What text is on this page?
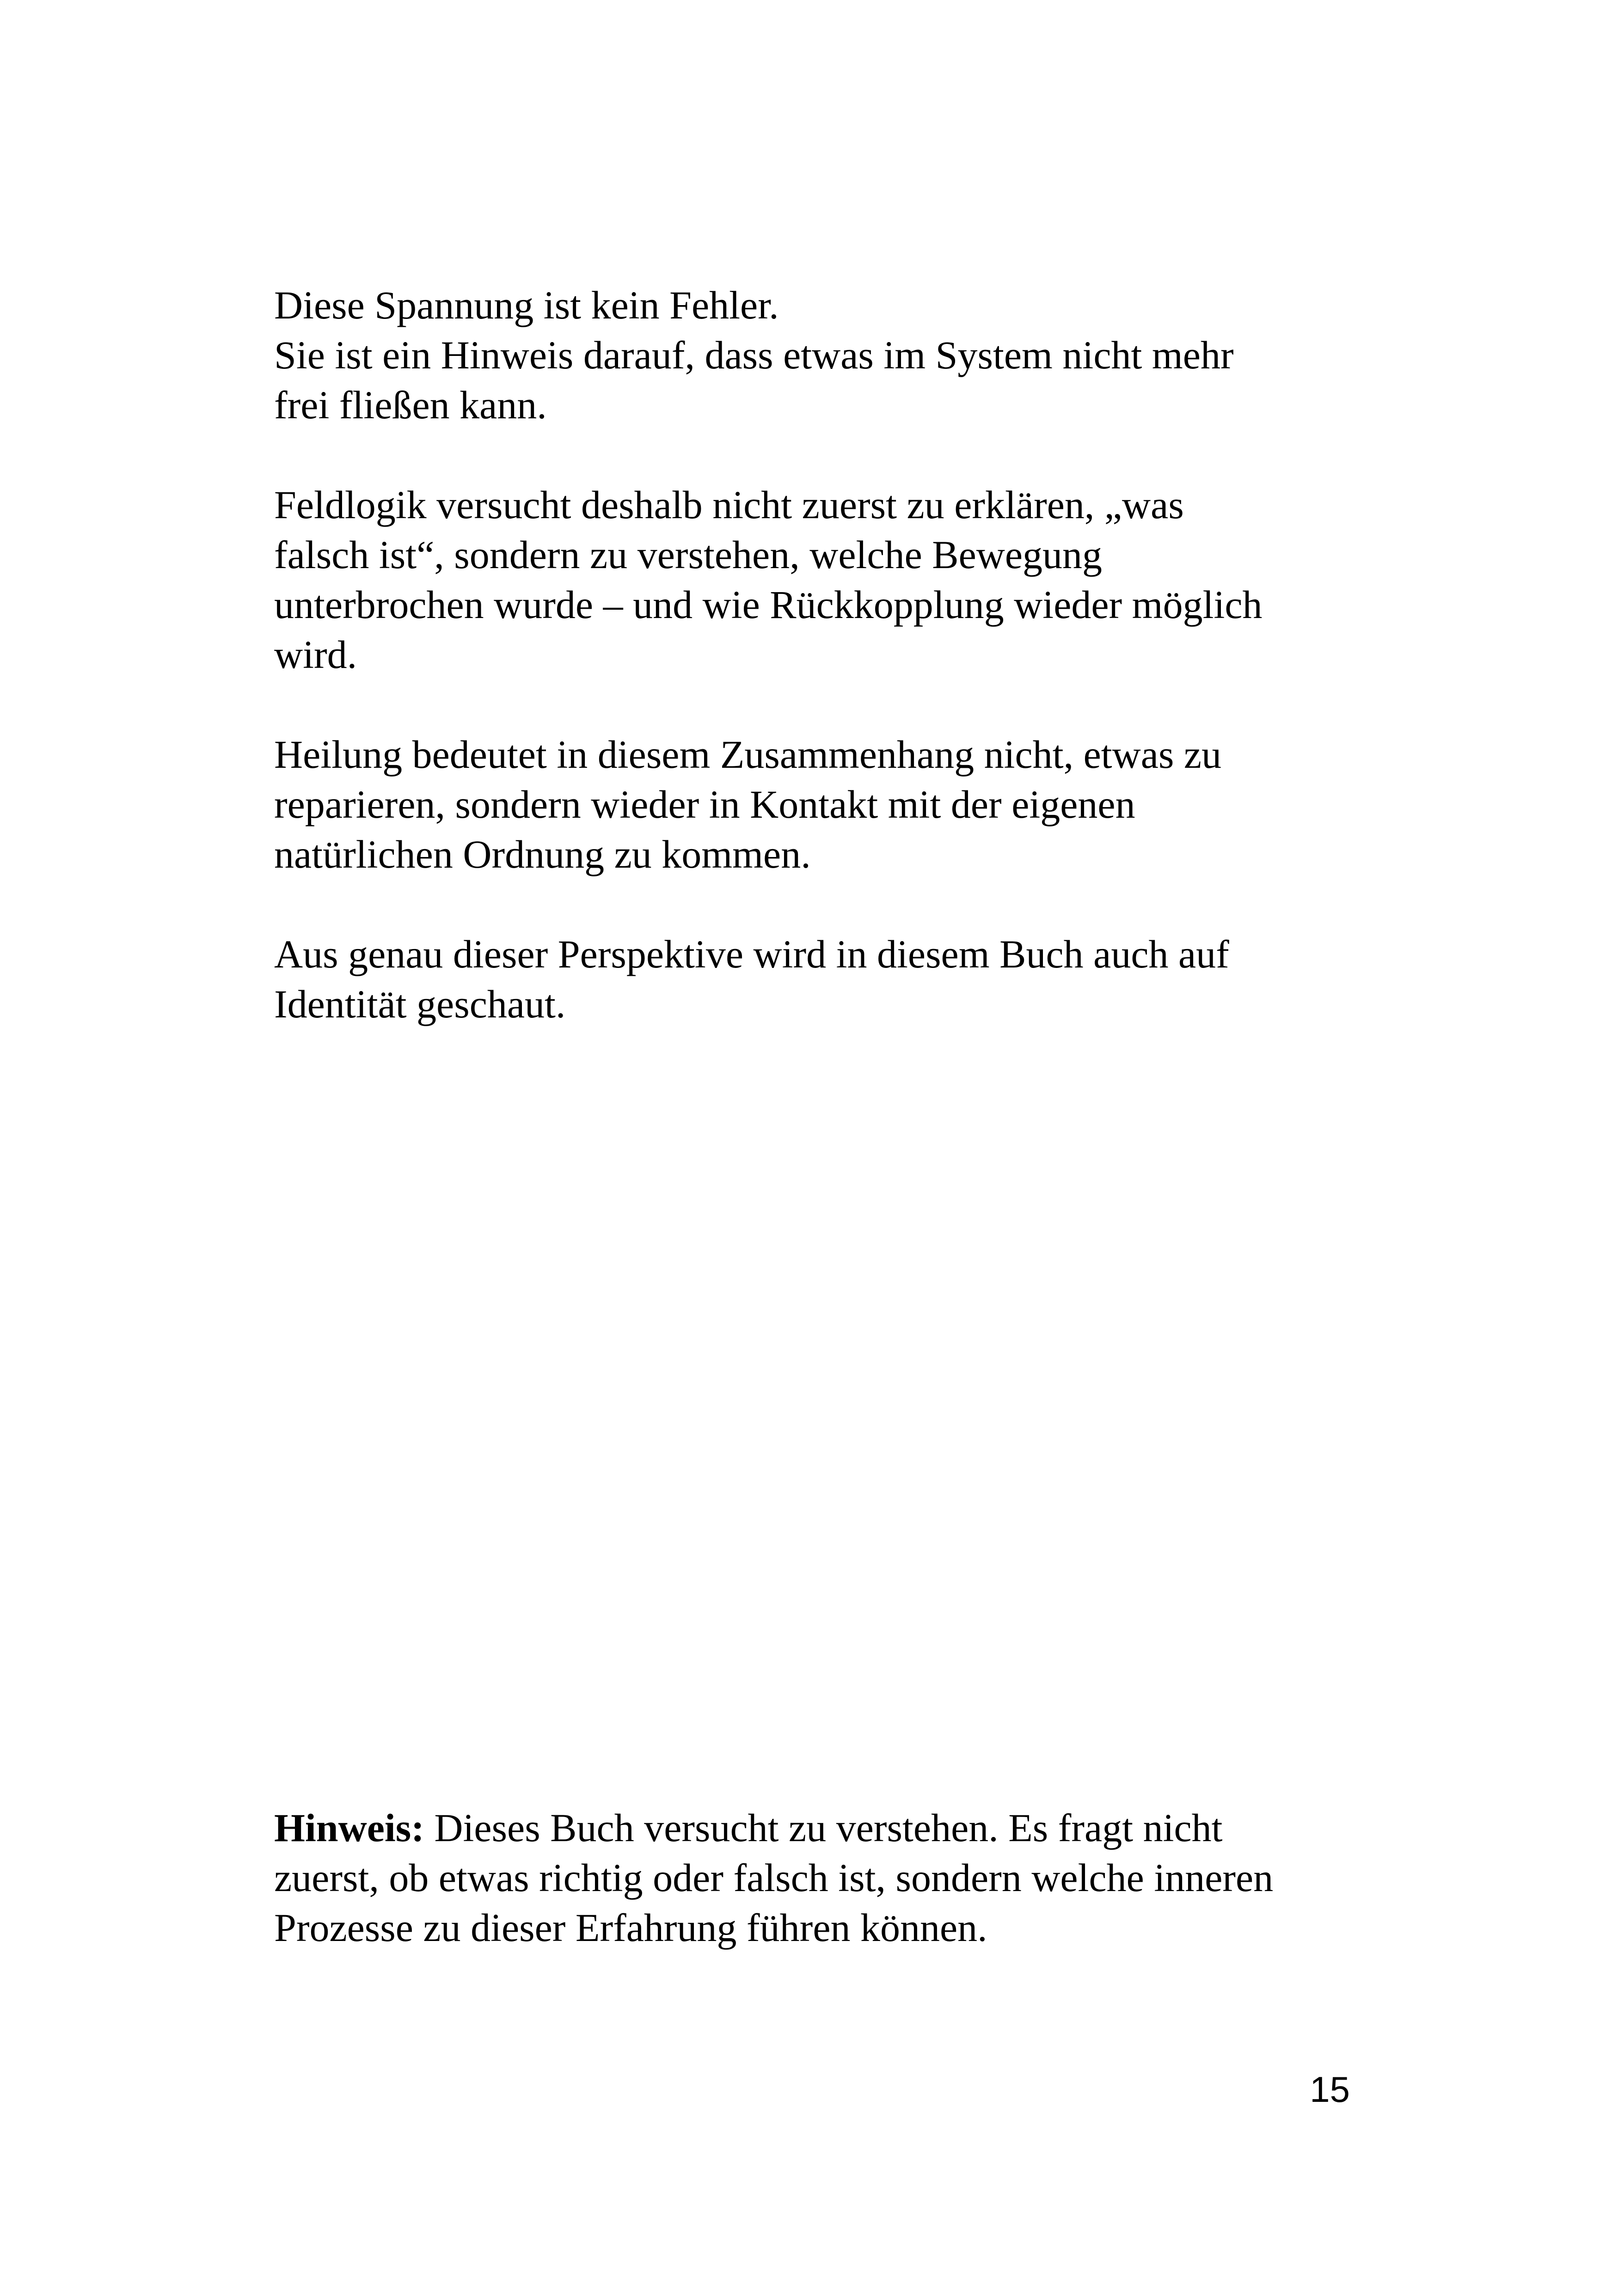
Diese Spannung ist kein Fehler.
Sie ist ein Hinweis darauf, dass etwas im System nicht mehr
frei fließen kann.

Feldlogik versucht deshalb nicht zuerst zu erklären, „was
falsch ist“, sondern zu verstehen, welche Bewegung
unterbrochen wurde – und wie Rückkopplung wieder möglich
wird.

Heilung bedeutet in diesem Zusammenhang nicht, etwas zu
reparieren, sondern wieder in Kontakt mit der eigenen
natürlichen Ordnung zu kommen.

Aus genau dieser Perspektive wird in diesem Buch auch auf
Identität geschaut.

Hinweis: Dieses Buch versucht zu verstehen. Es fragt nicht
zuerst, ob etwas richtig oder falsch ist, sondern welche inneren
Prozesse zu dieser Erfahrung führen können.

15
